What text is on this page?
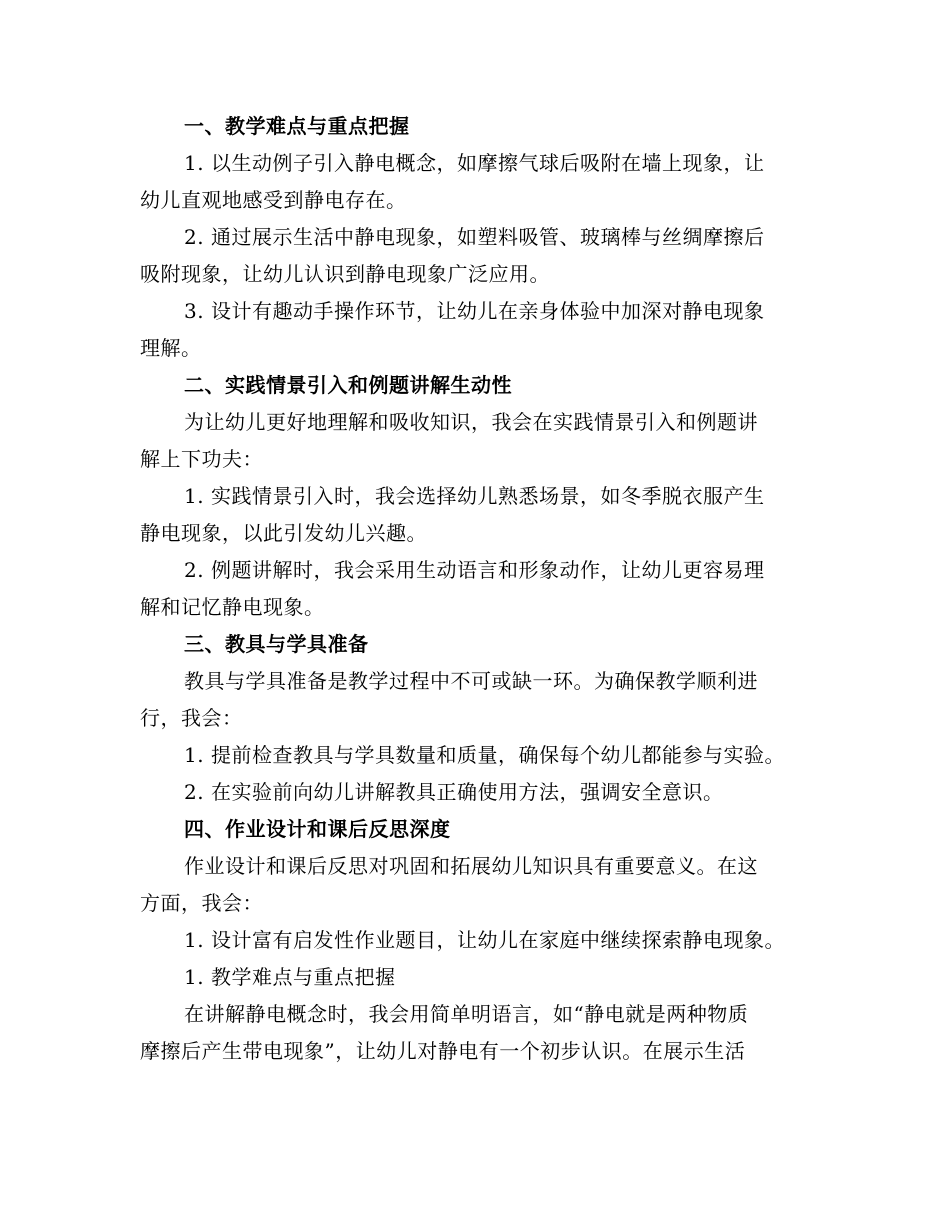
一、教学难点与重点把握
1. 以生动例子引入静电概念，如摩擦气球后吸附在墙上现象，让
幼儿直观地感受到静电存在。
2. 通过展示生活中静电现象，如塑料吸管、玻璃棒与丝绸摩擦后
吸附现象，让幼儿认识到静电现象广泛应用。
3. 设计有趣动手操作环节，让幼儿在亲身体验中加深对静电现象
理解。
二、实践情景引入和例题讲解生动性
为让幼儿更好地理解和吸收知识，我会在实践情景引入和例题讲
解上下功夫：
1. 实践情景引入时，我会选择幼儿熟悉场景，如冬季脱衣服产生
静电现象，以此引发幼儿兴趣。
2. 例题讲解时，我会采用生动语言和形象动作，让幼儿更容易理
解和记忆静电现象。
三、教具与学具准备
教具与学具准备是教学过程中不可或缺一环。为确保教学顺利进
行，我会：
1. 提前检查教具与学具数量和质量，确保每个幼儿都能参与实验。
2. 在实验前向幼儿讲解教具正确使用方法，强调安全意识。
四、作业设计和课后反思深度
作业设计和课后反思对巩固和拓展幼儿知识具有重要意义。在这
方面，我会：
1. 设计富有启发性作业题目，让幼儿在家庭中继续探索静电现象。
1. 教学难点与重点把握
在讲解静电概念时，我会用简单明语言，如“静电就是两种物质
摩擦后产生带电现象”，让幼儿对静电有一个初步认识。在展示生活
